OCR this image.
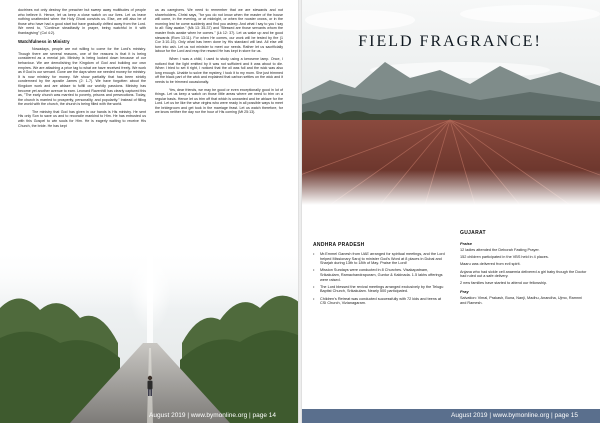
doctrines not only destroy the preacher but sweep away multitudes of people who believe it. Hence, let us keep a close watch on our lives. Let us leave nothing unattended when the Holy Ghost convicts us. Else, we will also be of those who have had a good start but have gradually drifted away from the Lord. We need to, "Continue steadfastly in prayer, being watchful in it with thanksgiving" (Col 4:2).

Watchfulness in Ministry

Nowadays, people are not willing to come for the Lord's ministry. Though there are several reasons, one of the reasons is that it is being considered as a menial job. Ministry is being looked down because of our behaviour. We are demolishing the Kingdom of God and building our own empires. We are attaching a price tag to what we have received freely. We work as if God is our servant. Gone are the days when we needed money for ministry. It is now ministry for money. We show partiality that has been strictly condemned by the apostle James (2: 1-7). We have forgotten about the Kingdom work and are ablaze to fulfill our worldly passions. Ministry has become yet another avenue to earn. Leonard Ravenhill has clearly captured this as, "The early church was married to poverty, prisons and persecutions. Today, the church is married to prosperity, personality, and popularity." Instead of filling the world with the church, the church is being filled with the world.

The ministry that God has given in our hands is His ministry. He sent His only Son to save us and to reconcile mankind to Him. He has entrusted us with this Gospel to win souls for Him. He is eagerly waiting to receive His Church, the bride. He has kept

us as caregivers. We need to remember that we are stewards and not shareholders. Christ says, "for you do not know when the master of the house will come, in the evening, or at midnight, or when the rooster crows, or in the morning lest he come suddenly and find you asleep. And what I say to you I say to all: Stay awake." (Mk 13: 35-37) and "Blessed are those servants whom the master finds awake when he comes." (Lk 12: 37). Let us wake up and be good stewards (Rom 13:11). For when He comes, our work will be tested by fire (1 Cor 3:10-15). Only what has been done by His standard will last. All else will turn into ash. Let us not minister to meet our needs. Rather let us sacrificially labour for the Lord and reap the reward He has kept in store for us.

When I was a child, I used to study using a kerosene lamp. Once, I noticed that the light emitted by it was not sufficient and it was about to die. When I tried to set it right, I noticed that the oil was full and the wick was also long enough. Unable to solve the mystery, I took it to my mom. She just trimmed off the black part of the wick and explained that carbon settles on the wick and it needs to be trimmed occasionally.

Yes, dear friends, we may be good or even exceptionally good in lot of things. Let us keep a watch on those little areas where we need to trim on a regular basis. Hence let us trim off that which is unwanted and be ablaze for the Lord. Let us be like the wise virgins who were ready in all possible ways to meet the bridegroom and get took in the marriage feast. Let us watch therefore, for we know neither the day nor the hour of His coming (Mt 25:13).

August 2019 | www.bymonline.org | page 14
FIELD FRAGRANCE!
ANDHRA PRADESH
• Mr.Emmel Ganesh from UAE arranged for spiritual meetings, and the Lord helped Missionary Saroj to minister God's Word at 8 places in Dubai and Sharjah during 13th to 18th of May. Praise the Lord!
• Mission Sundays were conducted in 8 Churches. Visakapatnam, Srikakulam, Ramachandrapuram, Guntur & Kakinada. 1.5 lakhs offerings were raised.
• The Lord blessed the revival meetings arranged exclusively by the Telugu Baptist Church, Srikakulam. Nearly 500 participated.
• Children's Retreat was conducted successfully with 72 kids and teens at CSI Church, Vizianagaram.
GUJARAT
Praise
12 ladies attended the Deborah Fasting Prayer.
152 children participated in the VBS held in 4 places.
Maaru was delivered from evil spirit.
Anjana who had sickle cell anaemia delivered a girl baby though the Doctor had ruled out a safe delivery.
2 new families have started to attend our fellowship.
Pray
Salvation: Vimal, Prakash, Buna, Nanji, Madhu, Anandha, Ujmo, Ramnni and Ramesh.
August 2019 | www.bymonline.org | page 15
